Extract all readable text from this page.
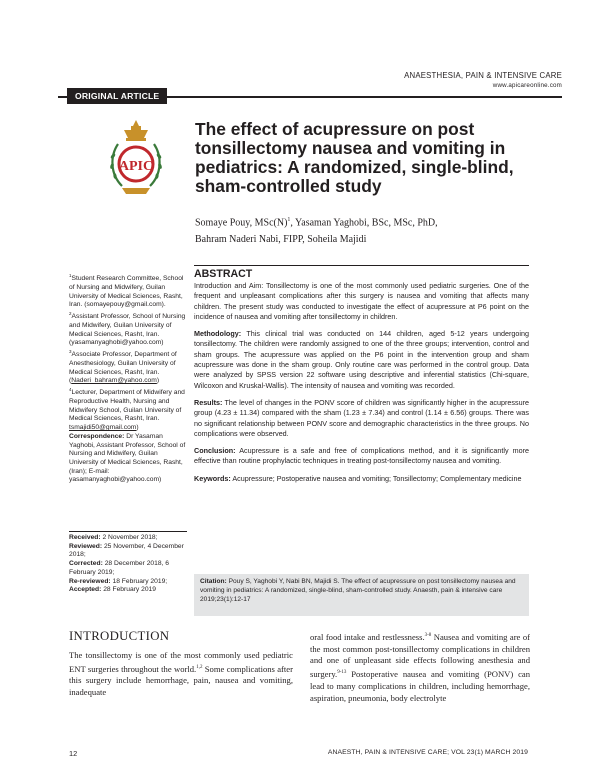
ANAESTHESIA, PAIN & INTENSIVE CARE
www.apicareonline.com
ORIGINAL ARTICLE
APIC
The effect of acupressure on post tonsillectomy nausea and vomiting in pediatrics: A randomized, single-blind, sham-controlled study
Somaye Pouy, $MSc(N)^1$, Yasaman Yaghobi, BSc, MSc, PhD,
Bahram Naderi Nabi, FIPP, Soheila Majidi
ABSTRACT

Introduction and Aim: Tonsillectomy is one of the most commonly used pediatric surgeries. One of the frequent and unpleasant complications after this surgery is nausea and vomiting that affects many children. The present study was conducted to investigate the effect of acupressure at P6 point on the incidence of nausea and vomiting after tonsillectomy in children.

Methodology: This clinical trial was conducted on 144 children, aged 5-12 years undergoing tonsillectomy. The children were randomly assigned to one of the three groups; intervention, control and sham groups. The acupressure was applied on the P6 point in the intervention group and sham acupressure was done in the sham group. Only routine care was performed in the control group. Data were analyzed by SPSS version 22 software using descriptive and inferential statistics (Chi-square, Wilcoxon and Kruskal-Wallis). The intensity of nausea and vomiting was recorded.

Results: The level of changes in the PONV score of children was significantly higher in the acupressure group (4.23 ± 11.34) compared with the sham (1.23 ± 7.34) and control (1.14 ± 6.56) groups. There was no significant relationship between PONV score and demographic characteristics in the three groups. No complications were observed.

Conclusion: Acupressure is a safe and free of complications method, and it is significantly more effective than routine prophylactic techniques in treating post-tonsillectomy nausea and vomiting.

Keywords: Acupressure; Postoperative nausea and vomiting; Tonsillectomy; Complementary medicine

$^1$Student Research Committee, School of Nursing and Midwifery, Guilan University of Medical Sciences, Rasht, Iran. (somayepouy@gmail.com).

$^2$Assistant Professor, School of Nursing and Midwifery, Guilan University of Medical Sciences, Rasht, Iran. (yasamanyaghobi@yahoo.com)

$^3$Associate Professor, Department of Anesthesiology, Guilan University of Medical Sciences, Rasht, Iran. (Naderi_bahram@yahoo.com)

$^4$Lecturer, Department of Midwifery and Reproductive Health, Nursing and Midwifery School, Guilan University of Medical Sciences, Rasht, Iran. tsmajidi50@gmail.com)

Correspondence: Dr Yasaman Yaghobi, Assistant Professor, School of Nursing and Midwifery, Guilan University of Medical Sciences, Rasht, (Iran); E-mail: yasamanyaghobi@yahoo.com)

Received: 2 November 2018;

Reviewed: 25 November, 4 December 2018;

Corrected: 28 December 2018, 6 February 2019;

Re-reviewed: 18 February 2019;

Accepted: 28 February 2019

Citation: Pouy S, Yaghobi Y, Nabi BN, Majidi S. The effect of acupressure on post tonsillectomy nausea and vomiting in pediatrics: A randomized, single-blind, sham-controlled study. Anaesth, pain & intensive care 2019;23(1):12-17
INTRODUCTION
The tonsillectomy is one of the most commonly used pediatric ENT surgeries throughout the world.$^{1,2}$ Some complications after this surgery include hemorrhage, pain, nausea and vomiting, inadequate
oral food intake and restlessness.$^{3-8}$ Nausea and vomiting are of the most common post-tonsillectomy complications in children and one of unpleasant side effects following anesthesia and surgery.$^{9-13}$ Postoperative nausea and vomiting (PONV) can lead to many complications in children, including hemorrhage, aspiration, pneumonia, body electrolyte
12	ANAESTH, PAIN & INTENSIVE CARE; VOL 23(1) MARCH 2019
